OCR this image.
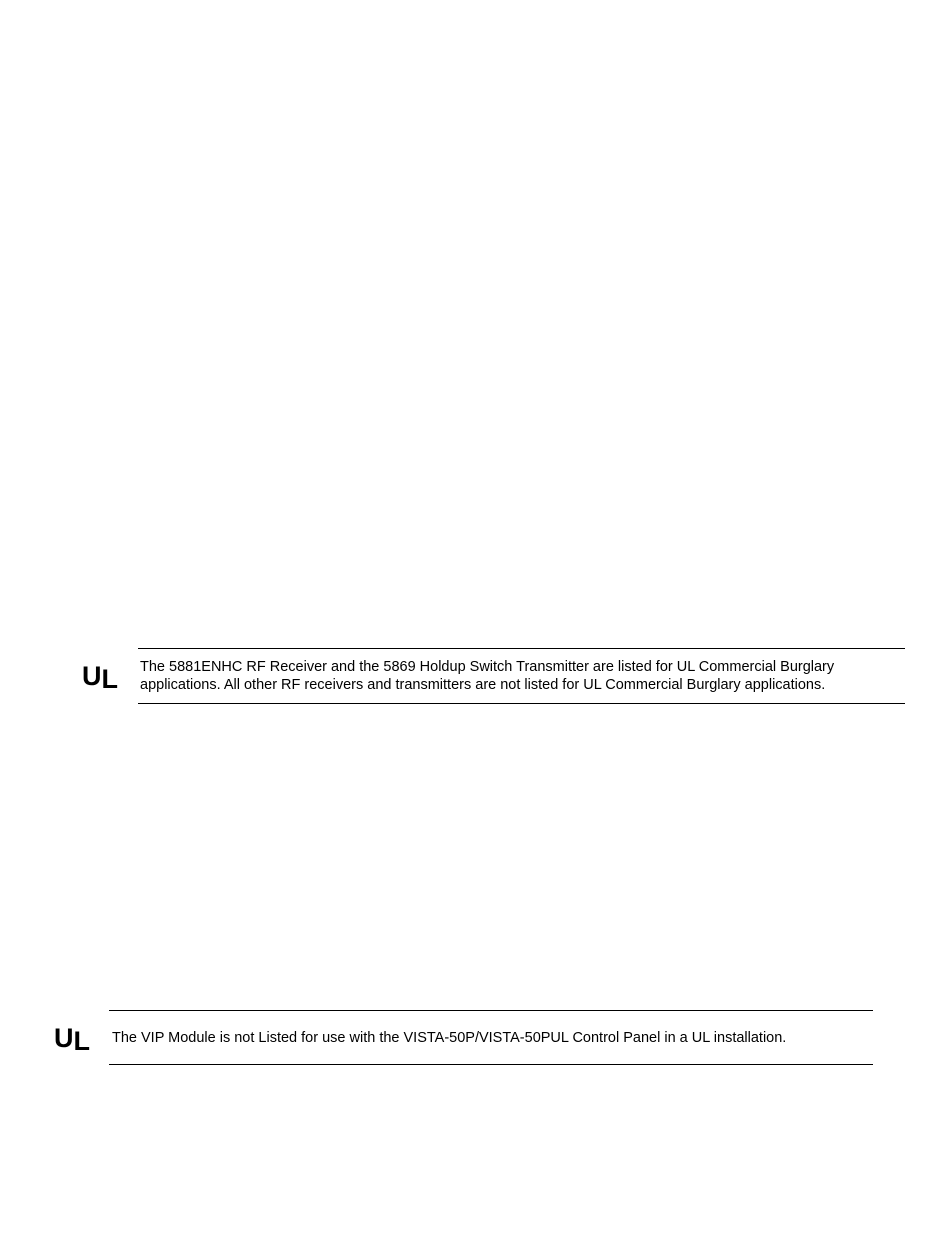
UL The 5881ENHC RF Receiver and the 5869 Holdup Switch Transmitter are listed for UL Commercial Burglary
applications. All other RF receivers and transmitters are not listed for UL Commercial Burglary applications.
UL The VIP Module is not Listed for use with the VISTA-50P/VISTA-50PUL Control Panel in a UL installation.
